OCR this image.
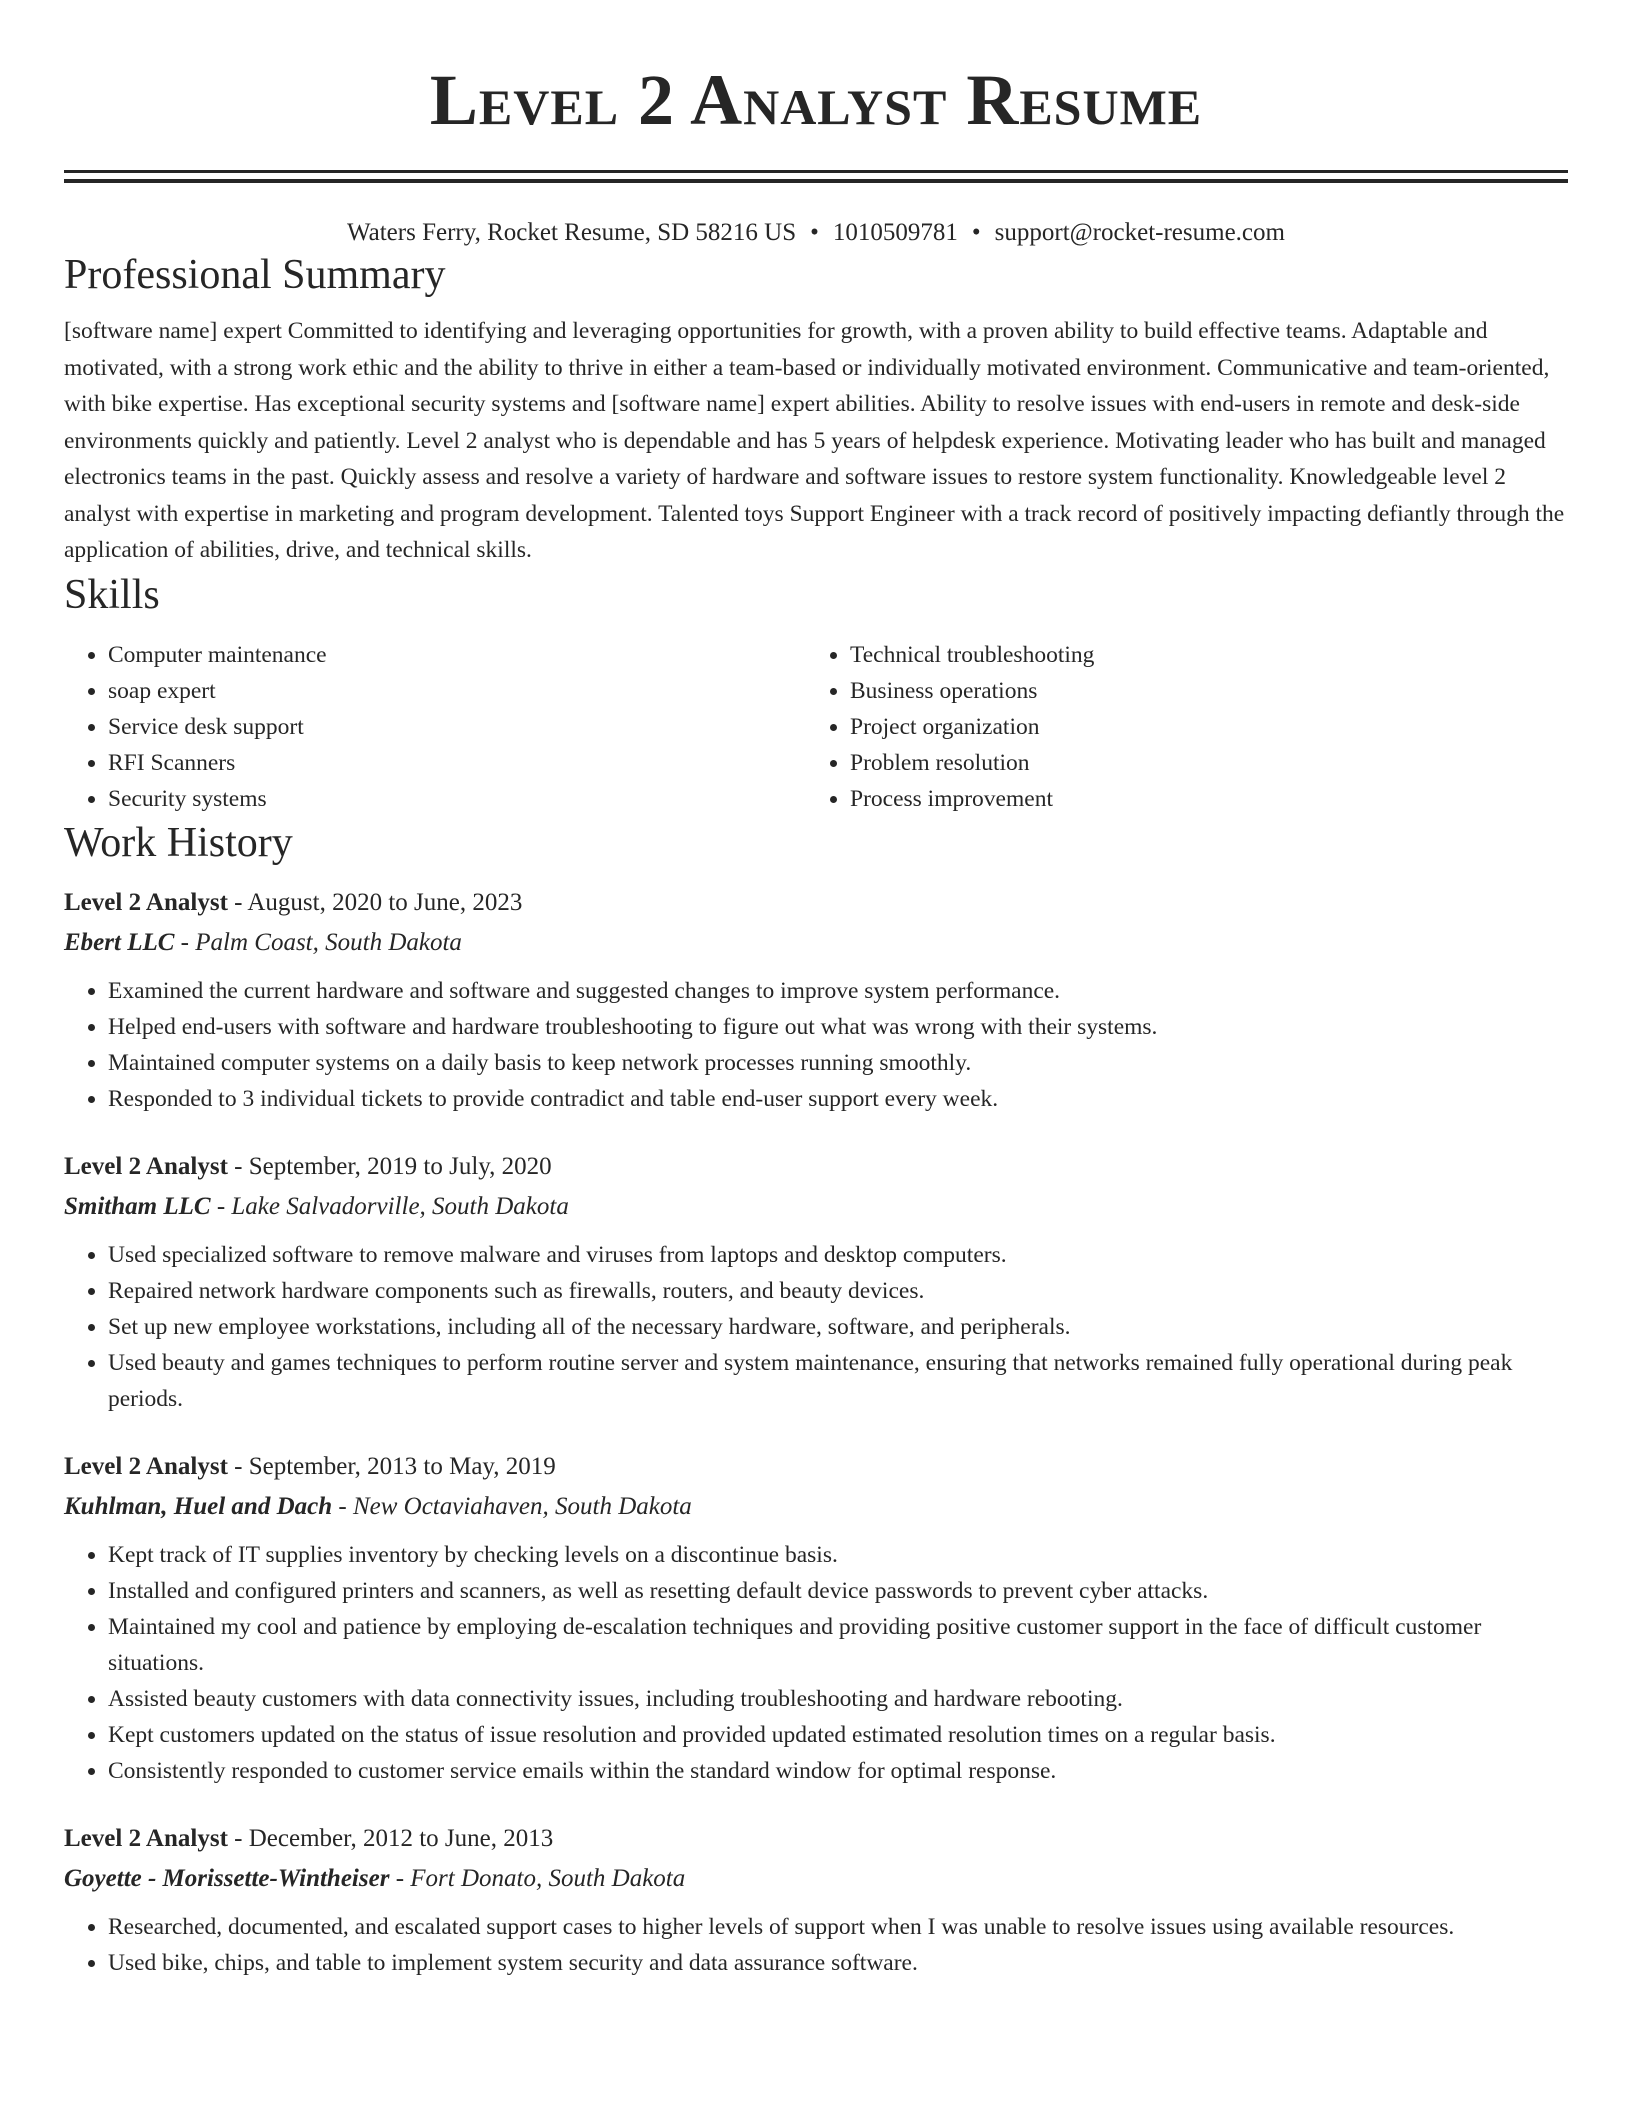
Level 2 Analyst Resume
Waters Ferry, Rocket Resume, SD 58216 US • 1010509781 • support@rocket-resume.com
Professional Summary

[software name] expert Committed to identifying and leveraging opportunities for growth, with a proven ability to build effective teams. Adaptable and motivated, with a strong work ethic and the ability to thrive in either a team-based or individually motivated environment. Communicative and team-oriented, with bike expertise. Has exceptional security systems and [software name] expert abilities. Ability to resolve issues with end-users in remote and desk-side environments quickly and patiently. Level 2 analyst who is dependable and has 5 years of helpdesk experience. Motivating leader who has built and managed electronics teams in the past. Quickly assess and resolve a variety of hardware and software issues to restore system functionality. Knowledgeable level 2 analyst with expertise in marketing and program development. Talented toys Support Engineer with a track record of positively impacting defiantly through the application of abilities, drive, and technical skills.

Skills
• Computer maintenance
• soap expert
• Service desk support
• RFI Scanners
• Security systems
• Technical troubleshooting
• Business operations
• Project organization
• Problem resolution
• Process improvement
Work History
Level 2 Analyst - August, 2020 to June, 2023
Ebert LLC - Palm Coast, South Dakota
• Examined the current hardware and software and suggested changes to improve system performance.
• Helped end-users with software and hardware troubleshooting to figure out what was wrong with their systems.
• Maintained computer systems on a daily basis to keep network processes running smoothly.
• Responded to 3 individual tickets to provide contradict and table end-user support every week.
Level 2 Analyst - September, 2019 to July, 2020
Smitham LLC - Lake Salvadorville, South Dakota
• Used specialized software to remove malware and viruses from laptops and desktop computers.
• Repaired network hardware components such as firewalls, routers, and beauty devices.
• Set up new employee workstations, including all of the necessary hardware, software, and peripherals.
• Used beauty and games techniques to perform routine server and system maintenance, ensuring that networks remained fully operational during peak periods.
Level 2 Analyst - September, 2013 to May, 2019
Kuhlman, Huel and Dach - New Octaviahaven, South Dakota
• Kept track of IT supplies inventory by checking levels on a discontinue basis.
• Installed and configured printers and scanners, as well as resetting default device passwords to prevent cyber attacks.
• Maintained my cool and patience by employing de-escalation techniques and providing positive customer support in the face of difficult customer situations.
• Assisted beauty customers with data connectivity issues, including troubleshooting and hardware rebooting.
• Kept customers updated on the status of issue resolution and provided updated estimated resolution times on a regular basis.
• Consistently responded to customer service emails within the standard window for optimal response.
Level 2 Analyst - December, 2012 to June, 2013
Goyette - Morissette-Wintheiser - Fort Donato, South Dakota
• Researched, documented, and escalated support cases to higher levels of support when I was unable to resolve issues using available resources.
• Used bike, chips, and table to implement system security and data assurance software.
